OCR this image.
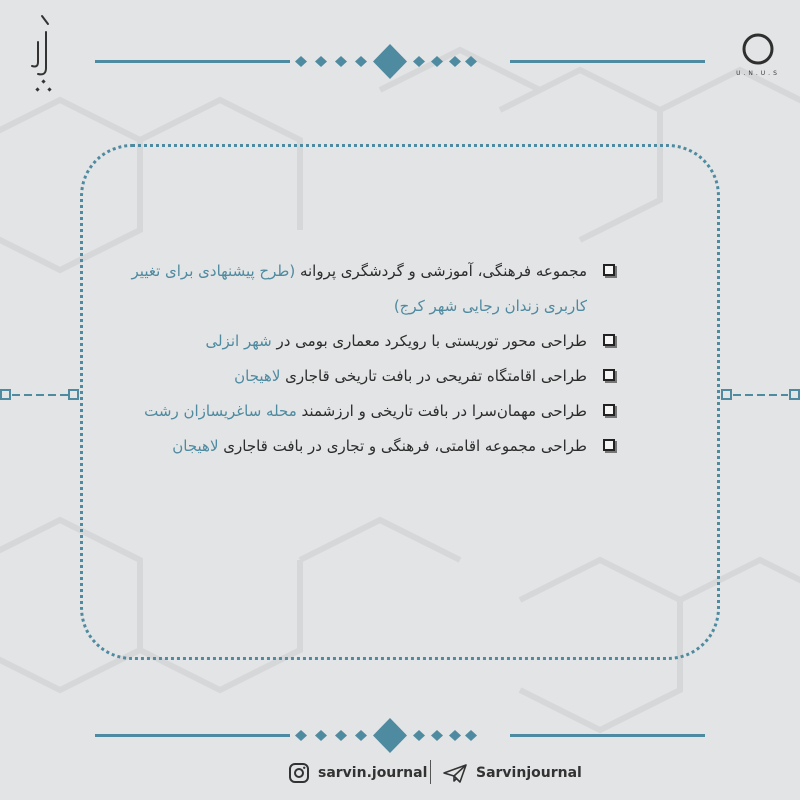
U.N.U.S

مجموعه فرهنگی، آموزشی و گردشگری پروانه (طرح پیشنهادی برای تغییر کاربری زندان رجایی شهر کرج)

طراحی محور توریستی با رویکرد معماری بومی در شهر انزلی

طراحی اقامتگاه تفریحی در بافت تاریخی قاجاری لاهیجان

طراحی مهمان‌سرا در بافت تاریخی و ارزشمند محله ساغریسازان رشت

طراحی مجموعه اقامتی، فرهنگی و تجاری در بافت قاجاری لاهیجان

sarvin.journal	Sarvinjournal
